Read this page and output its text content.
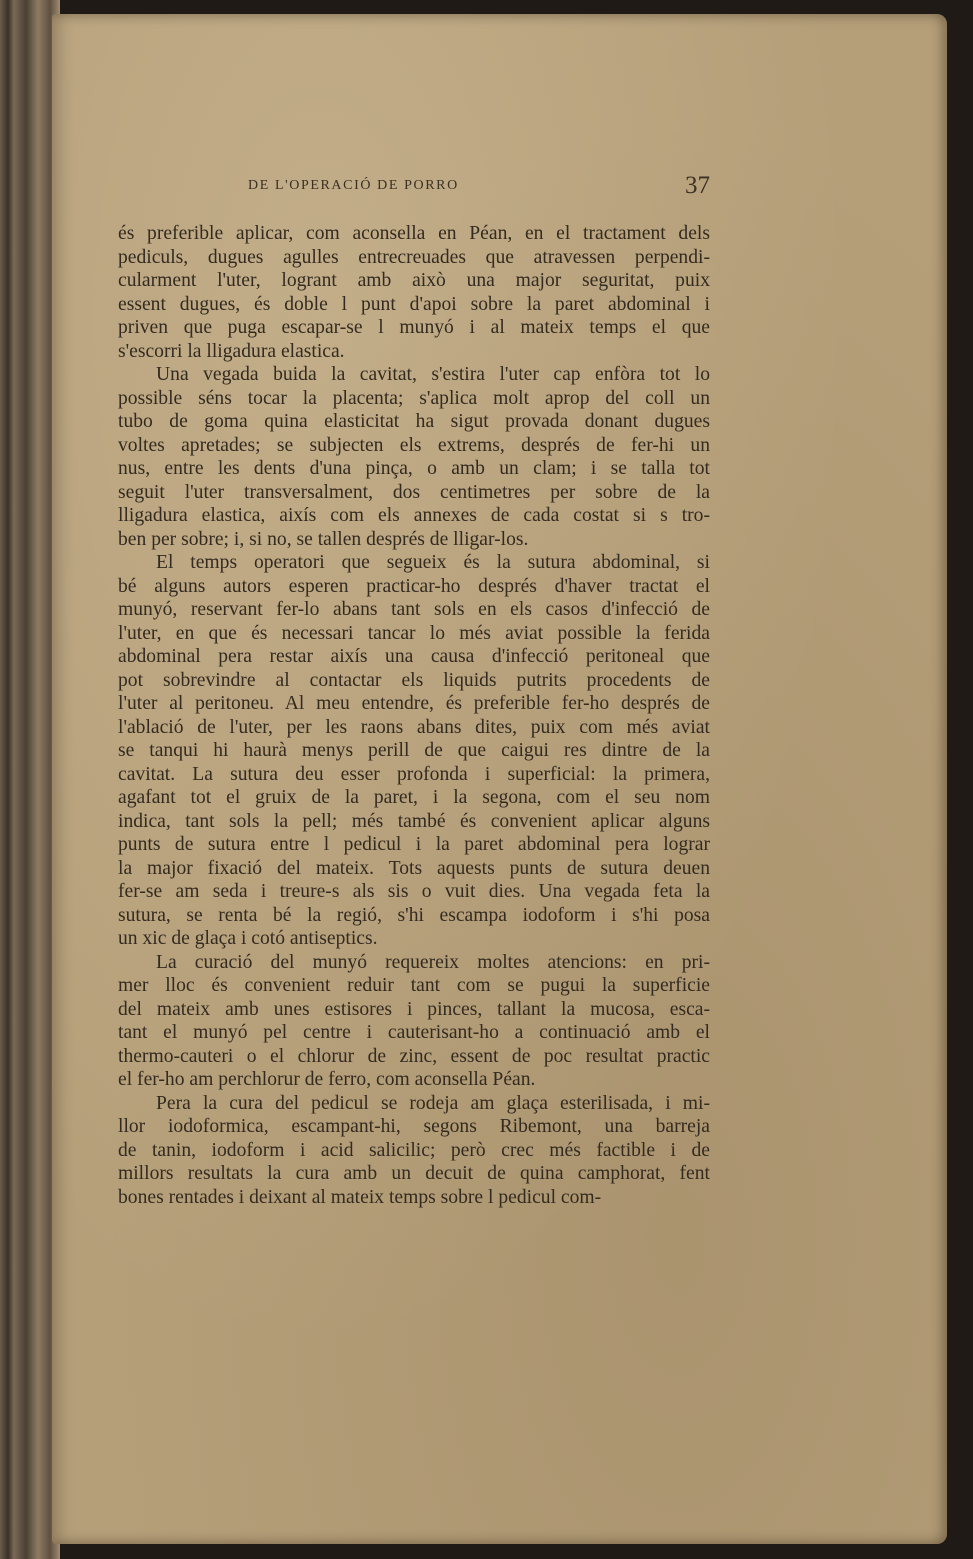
DE L'OPERACIÓ DE PORRO	37
és preferible aplicar, com aconsella en Péan, en el tractament dels
pediculs, dugues agulles entrecreuades que atravessen perpendi-
cularment l'uter, logrant amb això una major seguritat, puix
essent dugues, és doble l punt d'apoi sobre la paret abdominal i
priven que puga escapar-se l munyó i al mateix temps el que
s'escorri la lligadura elastica.
Una vegada buida la cavitat, s'estira l'uter cap enfòra tot lo
possible séns tocar la placenta; s'aplica molt aprop del coll un
tubo de goma quina elasticitat ha sigut provada donant dugues
voltes apretades; se subjecten els extrems, després de fer-hi un
nus, entre les dents d'una pinça, o amb un clam; i se talla tot
seguit l'uter transversalment, dos centimetres per sobre de la
lligadura elastica, aixís com els annexes de cada costat si s tro-
ben per sobre; i, si no, se tallen després de lligar-los.
El temps operatori que segueix és la sutura abdominal, si
bé alguns autors esperen practicar-ho després d'haver tractat el
munyó, reservant fer-lo abans tant sols en els casos d'infecció de
l'uter, en que és necessari tancar lo més aviat possible la ferida
abdominal pera restar aixís una causa d'infecció peritoneal que
pot sobrevindre al contactar els liquids putrits procedents de
l'uter al peritoneu. Al meu entendre, és preferible fer-ho després de
l'ablació de l'uter, per les raons abans dites, puix com més aviat
se tanqui hi haurà menys perill de que caigui res dintre de la
cavitat. La sutura deu esser profonda i superficial: la primera,
agafant tot el gruix de la paret, i la segona, com el seu nom
indica, tant sols la pell; més també és convenient aplicar alguns
punts de sutura entre l pedicul i la paret abdominal pera lograr
la major fixació del mateix. Tots aquests punts de sutura deuen
fer-se am seda i treure-s als sis o vuit dies. Una vegada feta la
sutura, se renta bé la regió, s'hi escampa iodoform i s'hi posa
un xic de glaça i cotó antiseptics.
La curació del munyó requereix moltes atencions: en pri-
mer lloc és convenient reduir tant com se pugui la superficie
del mateix amb unes estisores i pinces, tallant la mucosa, esca-
tant el munyó pel centre i cauterisant-ho a continuació amb el
thermo-cauteri o el chlorur de zinc, essent de poc resultat practic
el fer-ho am perchlorur de ferro, com aconsella Péan.
Pera la cura del pedicul se rodeja am glaça esterilisada, i mi-
llor iodoformica, escampant-hi, segons Ribemont, una barreja
de tanin, iodoform i acid salicilic; però crec més factible i de
millors resultats la cura amb un decuit de quina camphorat, fent
bones rentades i deixant al mateix temps sobre l pedicul com-
